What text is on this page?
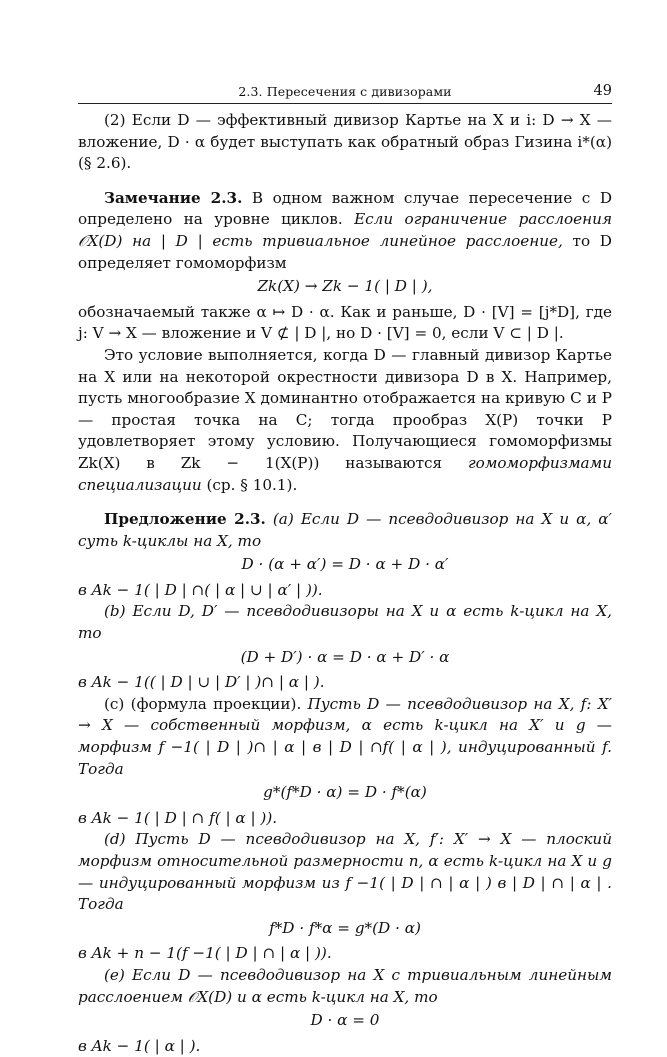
2.3. Пересечения с дивизорами	49

(2) Если D — эффективный дивизор Картье на X и i: D → X — вложение, D · α будет выступать как обратный образ Гизина i*(α) (§ 2.6).

Замечание 2.3. В одном важном случае пересечение с D определено на уровне циклов. Если ограничение расслоения 𝒪X(D) на | D | есть тривиальное линейное расслоение, то D определяет гомоморфизм

Zk(X) → Zk − 1( | D | ),

обозначаемый также α ↦ D · α. Как и раньше, D · [V] = [j*D], где j: V → X — вложение и V ⊄ | D |, но D · [V] = 0, если V ⊂ | D |.

Это условие выполняется, когда D — главный дивизор Картье на X или на некоторой окрестности дивизора D в X. Например, пусть многообразие X доминантно отображается на кривую C и P — простая точка на C; тогда прообраз X(P) точки P удовлетворяет этому условию. Получающиеся гомоморфизмы Zk(X) в Zk − 1(X(P)) называются гомоморфизмами специализации (ср. § 10.1).

Предложение 2.3. (а) Если D — псевдодивизор на X и α, α′ суть k-циклы на X, то

D · (α + α′) = D · α + D · α′

в Ak − 1( | D | ∩( | α | ∪ | α′ | )).

(b) Если D, D′ — псевдодивизоры на X и α есть k-цикл на X, то

(D + D′) · α = D · α + D′ · α

в Ak − 1(( | D | ∪ | D′ | )∩ | α | ).

(с) (формула проекции). Пусть D — псевдодивизор на X, f: X′ → X — собственный морфизм, α есть k-цикл на X′ и g — морфизм f −1( | D | )∩ | α | в | D | ∩f( | α | ), индуцированный f. Тогда

g*(f*D · α) = D · f*(α)

в Ak − 1( | D | ∩ f( | α | )).

(d) Пусть D — псевдодивизор на X, f′: X′ → X — плоский морфизм относительной размерности n, α есть k-цикл на X и g — индуцированный морфизм из f −1( | D | ∩ | α | ) в | D | ∩ | α | . Тогда

f*D · f*α = g*(D · α)

в Ak + n − 1(f −1( | D | ∩ | α | )).

(е) Если D — псевдодивизор на X с тривиальным линейным расслоением 𝒪X(D) и α есть k-цикл на X, то

D · α = 0

в Ak − 1( | α | ).
